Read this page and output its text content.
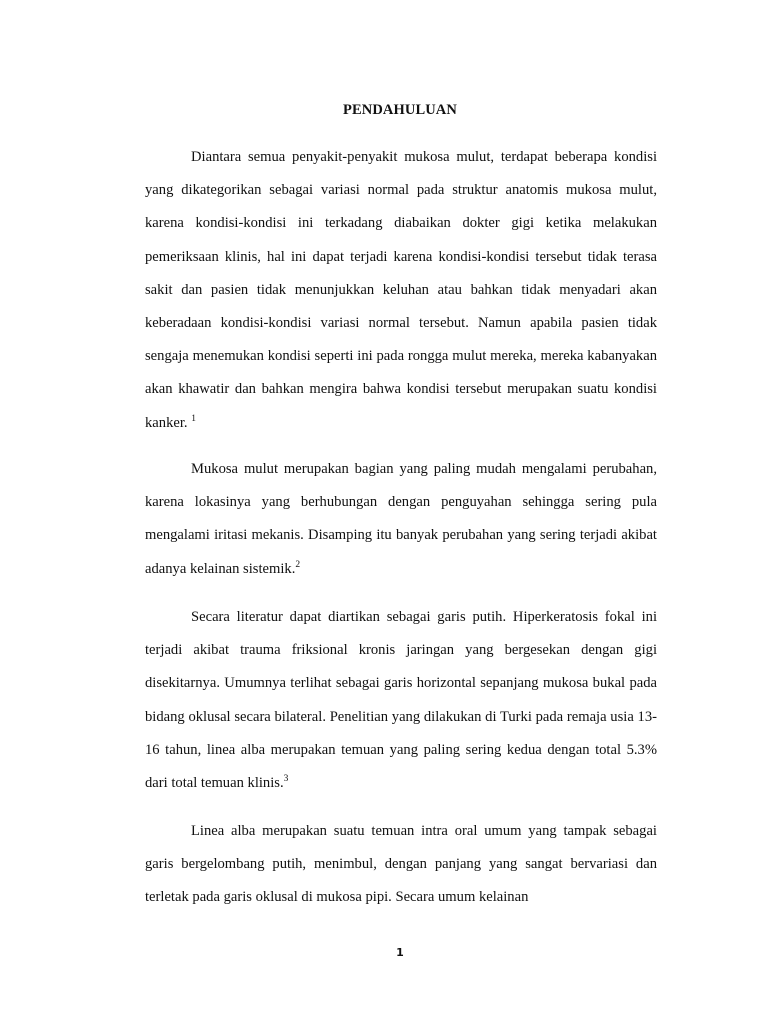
PENDAHULUAN

Diantara semua penyakit-penyakit mukosa mulut, terdapat beberapa kondisi yang dikategorikan sebagai variasi normal pada struktur anatomis mukosa mulut, karena kondisi-kondisi ini terkadang diabaikan dokter gigi ketika melakukan pemeriksaan klinis, hal ini dapat terjadi karena kondisi-kondisi tersebut tidak terasa sakit dan pasien tidak menunjukkan keluhan atau bahkan tidak menyadari akan keberadaan kondisi-kondisi variasi normal tersebut. Namun apabila pasien tidak sengaja menemukan kondisi seperti ini pada rongga mulut mereka, mereka kabanyakan akan khawatir dan bahkan mengira bahwa kondisi tersebut merupakan suatu kondisi kanker. $^1$

Mukosa mulut merupakan bagian yang paling mudah mengalami perubahan, karena lokasinya yang berhubungan dengan penguyahan sehingga sering pula mengalami iritasi mekanis. Disamping itu banyak perubahan yang sering terjadi akibat adanya kelainan sistemik.$^2$

Secara literatur dapat diartikan sebagai garis putih. Hiperkeratosis fokal ini terjadi akibat trauma friksional kronis jaringan yang bergesekan dengan gigi disekitarnya. Umumnya terlihat sebagai garis horizontal sepanjang mukosa bukal pada bidang oklusal secara bilateral. Penelitian yang dilakukan di Turki pada remaja usia 13-16 tahun, linea alba merupakan temuan yang paling sering kedua dengan total 5.3% dari total temuan klinis.$^3$

Linea alba merupakan suatu temuan intra oral umum yang tampak sebagai garis bergelombang putih, menimbul, dengan panjang yang sangat bervariasi dan terletak pada garis oklusal di mukosa pipi. Secara umum kelainan

1
